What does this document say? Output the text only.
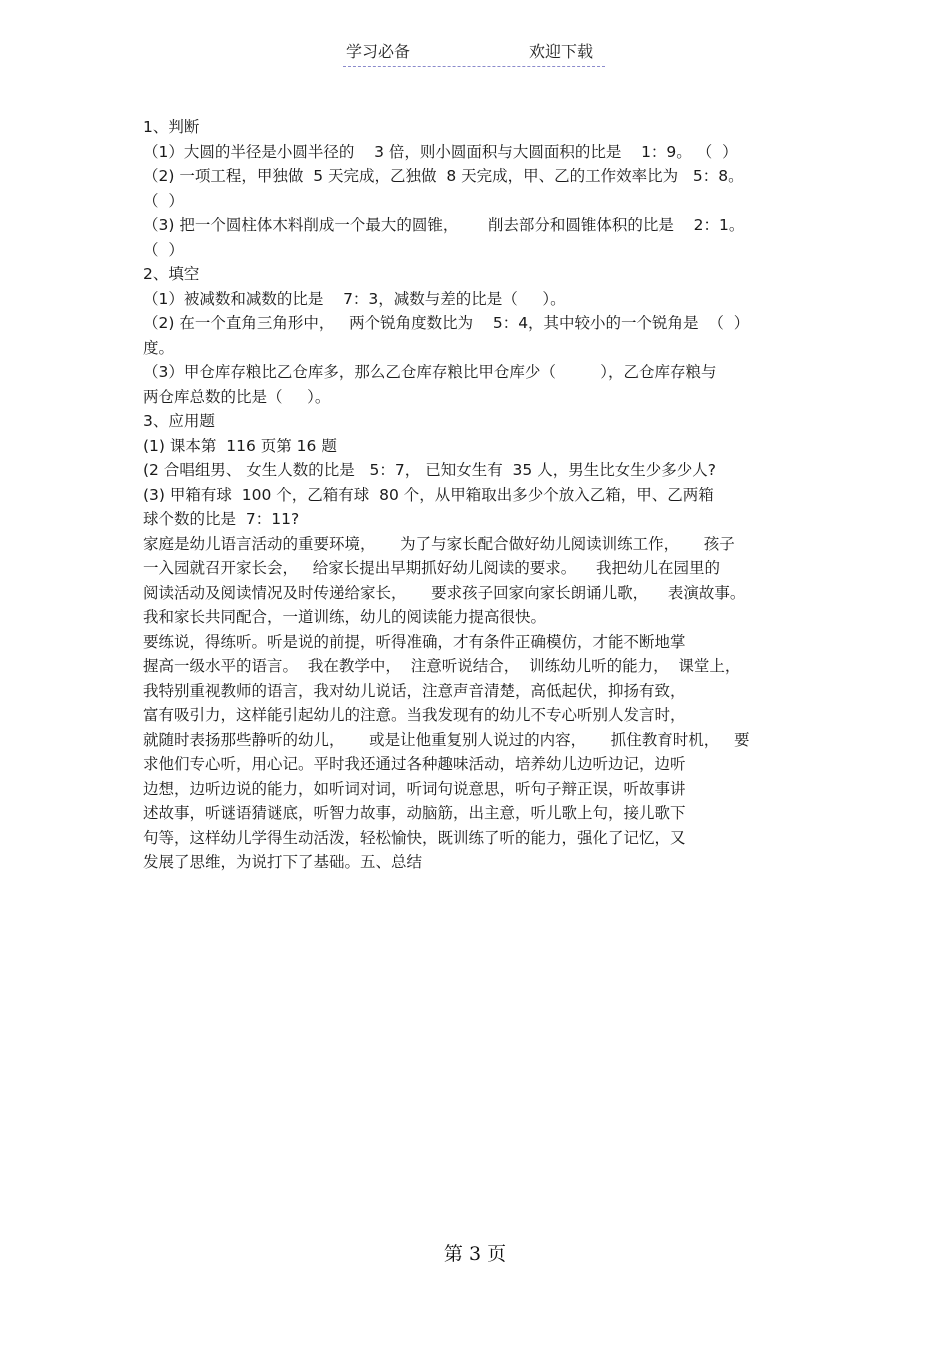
学习必备	欢迎下载
1、判断
（1）大圆的半径是小圆半径的    3 倍，则小圆面积与大圆面积的比是    1：9。 （  ）
（2) 一项工程，甲独做  5 天完成，乙独做  8 天完成，甲、乙的工作效率比为   5：8。
（  ）
（3) 把一个圆柱体木料削成一个最大的圆锥，      削去部分和圆锥体积的比是    2：1。
（  ）
2、填空
（1）被减数和减数的比是    7：3，减数与差的比是（     ）。
（2) 在一个直角三角形中，   两个锐角度数比为    5：4，其中较小的一个锐角是  （  ）
度。
（3）甲仓库存粮比乙仓库多，那么乙仓库存粮比甲仓库少（         ），乙仓库存粮与
两仓库总数的比是（     ）。
3、应用题
(1) 课本第  116 页第 16 题
(2 合唱组男、 女生人数的比是   5：7， 已知女生有  35 人，男生比女生少多少人?
(3) 甲箱有球  100 个，乙箱有球  80 个，从甲箱取出多少个放入乙箱，甲、乙两箱
球个数的比是  7：11?
家庭是幼儿语言活动的重要环境，     为了与家长配合做好幼儿阅读训练工作，     孩子
一入园就召开家长会，   给家长提出早期抓好幼儿阅读的要求。    我把幼儿在园里的
阅读活动及阅读情况及时传递给家长，     要求孩子回家向家长朗诵儿歌，    表演故事。
我和家长共同配合，一道训练，幼儿的阅读能力提高很快。
要练说，得练听。听是说的前提，听得准确，才有条件正确模仿，才能不断地掌
握高一级水平的语言。  我在教学中，  注意听说结合，  训练幼儿听的能力，  课堂上，
我特别重视教师的语言，我对幼儿说话，注意声音清楚，高低起伏，抑扬有致，
富有吸引力，这样能引起幼儿的注意。当我发现有的幼儿不专心听别人发言时，
就随时表扬那些静听的幼儿，     或是让他重复别人说过的内容，     抓住教育时机，   要
求他们专心听，用心记。平时我还通过各种趣味活动，培养幼儿边听边记，边听
边想，边听边说的能力，如听词对词，听词句说意思，听句子辩正误，听故事讲
述故事，听谜语猜谜底，听智力故事，动脑筋，出主意，听儿歌上句，接儿歌下
句等，这样幼儿学得生动活泼，轻松愉快，既训练了听的能力，强化了记忆，又
发展了思维，为说打下了基础。五、总结
第 3 页
